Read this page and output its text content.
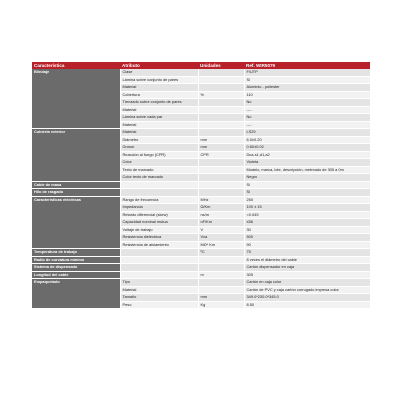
Característica	Atributo	Unidades	Ref. WIR5079
Blindaje	Clase		F/UTP
	Lámina sobre conjunto de pares		Sí
	Material		Aluminio - poliester
	Cobertura	%	110
	Trenzado sobre conjunto de pares		No
	Material		----
	Lámina sobre cada par		No
	Material		----
Cubierta exterior	Material		LS29
	Diámetro	mm	6.0±0.20
	Grosor	mm	0.60±0.02
	Reacción al fuego (CPR)	CPR	Dca-s1,d1,a2
	Color		Violeta
	Texto de marcado		Modelo, marca, lote, descripción, metreado de 305 a 0m
	Color texto de marcado		Negro
Cable de masa			Sí
Hilo de rasgado			Sí
Características eléctricas	Rango de frecuencia	MHz	250
	Impedancia	Ω/Km	100 ± 15
	Retardo diferencial (skew)	ns/m	<0.045
	Capacidad nominal mutua	nF/Km	≤56
	Voltaje de trabajo	V	30
	Resistencia dieléctrica	Vca	500
	Resistencia de aislamiento	MΩ* Km	90
Temperatura de trabajo		ºC	75
Radio de curvatura mínimo			8 veces el diámetro del cable
Sistema de dispensado			Cartón dispensador en caja
Longitud del cable		m	305
Empaquetado	Tipo		Cartón en caja color
	Material		Cartón de PVC y caja cartón corrugado impresa color
	Tamaño	mm	349.0*230.0*345.0
	Peso	Kg	8.50
